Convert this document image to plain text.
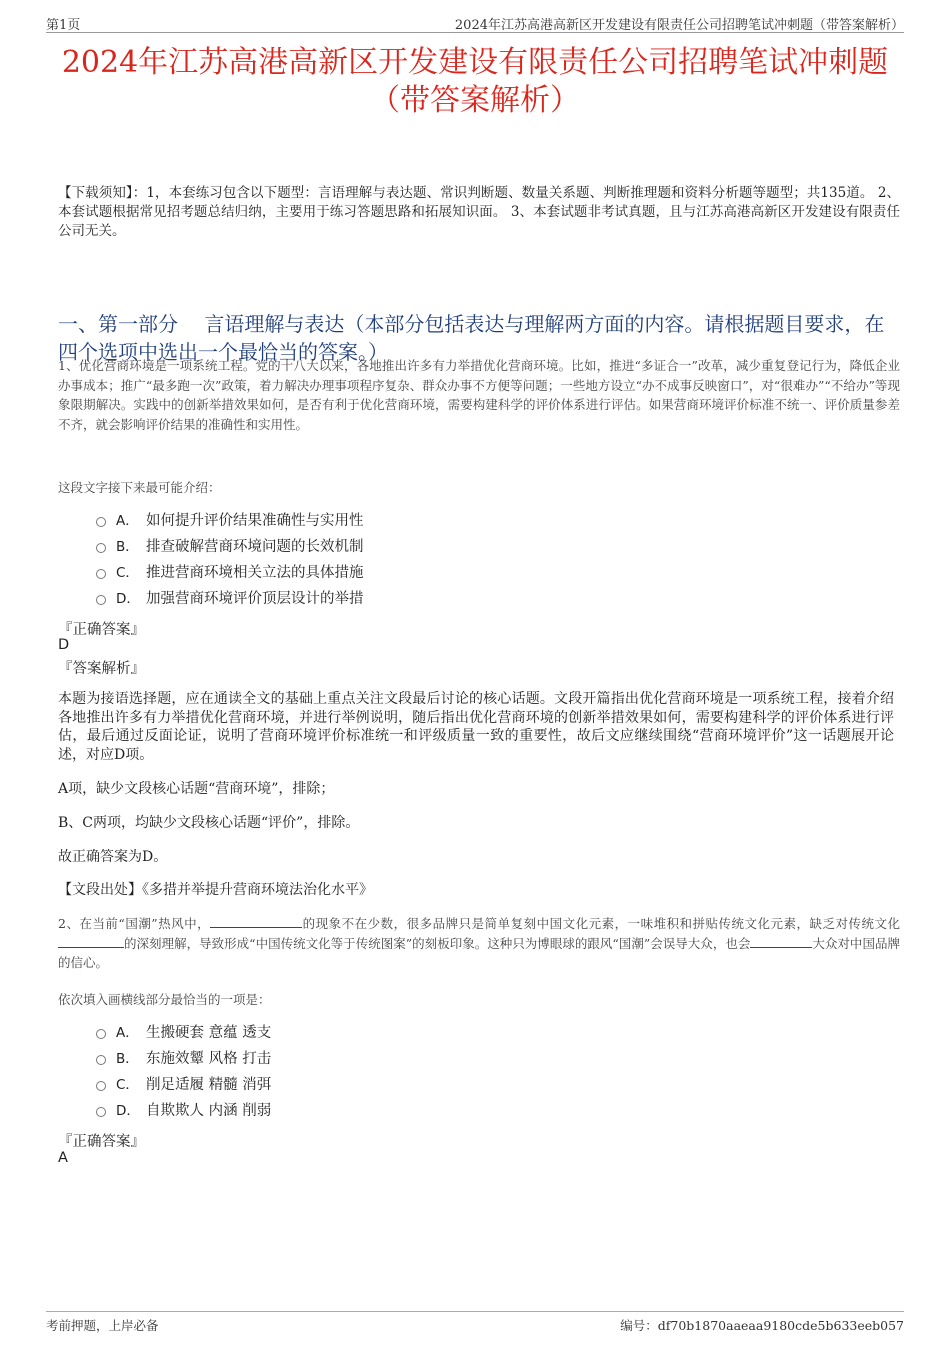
第1页	2024年江苏高港高新区开发建设有限责任公司招聘笔试冲刺题（带答案解析）
2024年江苏高港高新区开发建设有限责任公司招聘笔试冲刺题
（带答案解析）
【下载须知】：1，本套练习包含以下题型：言语理解与表达题、常识判断题、数量关系题、判断推理题和资料分析题等题型；共135道。 2、本套试题根据常见招考题总结归纳，主要用于练习答题思路和拓展知识面。 3、本套试题非考试真题，且与江苏高港高新区开发建设有限责任公司无关。
一、第一部分　 言语理解与表达（本部分包括表达与理解两方面的内容。请根据题目要求，在四个选项中选出一个最恰当的答案。）
1、优化营商环境是一项系统工程。党的十八大以来，各地推出许多有力举措优化营商环境。比如，推进“多证合一”改革，减少重复登记行为，降低企业办事成本；推广“最多跑一次”政策，着力解决办理事项程序复杂、群众办事不方便等问题；一些地方设立“办不成事反映窗口”，对“很难办”“不给办”等现象限期解决。实践中的创新举措效果如何，是否有利于优化营商环境，需要构建科学的评价体系进行评估。如果营商环境评价标准不统一、评价质量参差不齐，就会影响评价结果的准确性和实用性。
这段文字接下来最可能介绍：
A． 如何提升评价结果准确性与实用性
B． 排查破解营商环境问题的长效机制
C． 推进营商环境相关立法的具体措施
D． 加强营商环境评价顶层设计的举措
『正确答案』
D
『答案解析』
本题为接语选择题，应在通读全文的基础上重点关注文段最后讨论的核心话题。文段开篇指出优化营商环境是一项系统工程，接着介绍各地推出许多有力举措优化营商环境，并进行举例说明，随后指出优化营商环境的创新举措效果如何，需要构建科学的评价体系进行评估，最后通过反面论证，说明了营商环境评价标准统一和评级质量一致的重要性，故后文应继续围绕“营商环境评价”这一话题展开论述，对应D项。
A项，缺少文段核心话题“营商环境”，排除；
B、C两项，均缺少文段核心话题“评价”，排除。
故正确答案为D。
【文段出处】《多措并举提升营商环境法治化水平》
2、在当前“国潮”热风中，	的现象不在少数，很多品牌只是简单复刻中国文化元素，一味堆积和拼贴传统文化元素，缺乏对传统文化的深刻理解，导致形成“中国传统文化等于传统图案”的刻板印象。这种只为博眼球的跟风“国潮”会误导大众，也会	大众对中国品牌的信心。
依次填入画横线部分最恰当的一项是：
A． 生搬硬套 意蕴 透支
B． 东施效颦 风格 打击
C． 削足适履 精髓 消弭
D． 自欺欺人 内涵 削弱
『正确答案』
A
考前押题，上岸必备	编号：df70b1870aaeaa9180cde5b633eeb057
